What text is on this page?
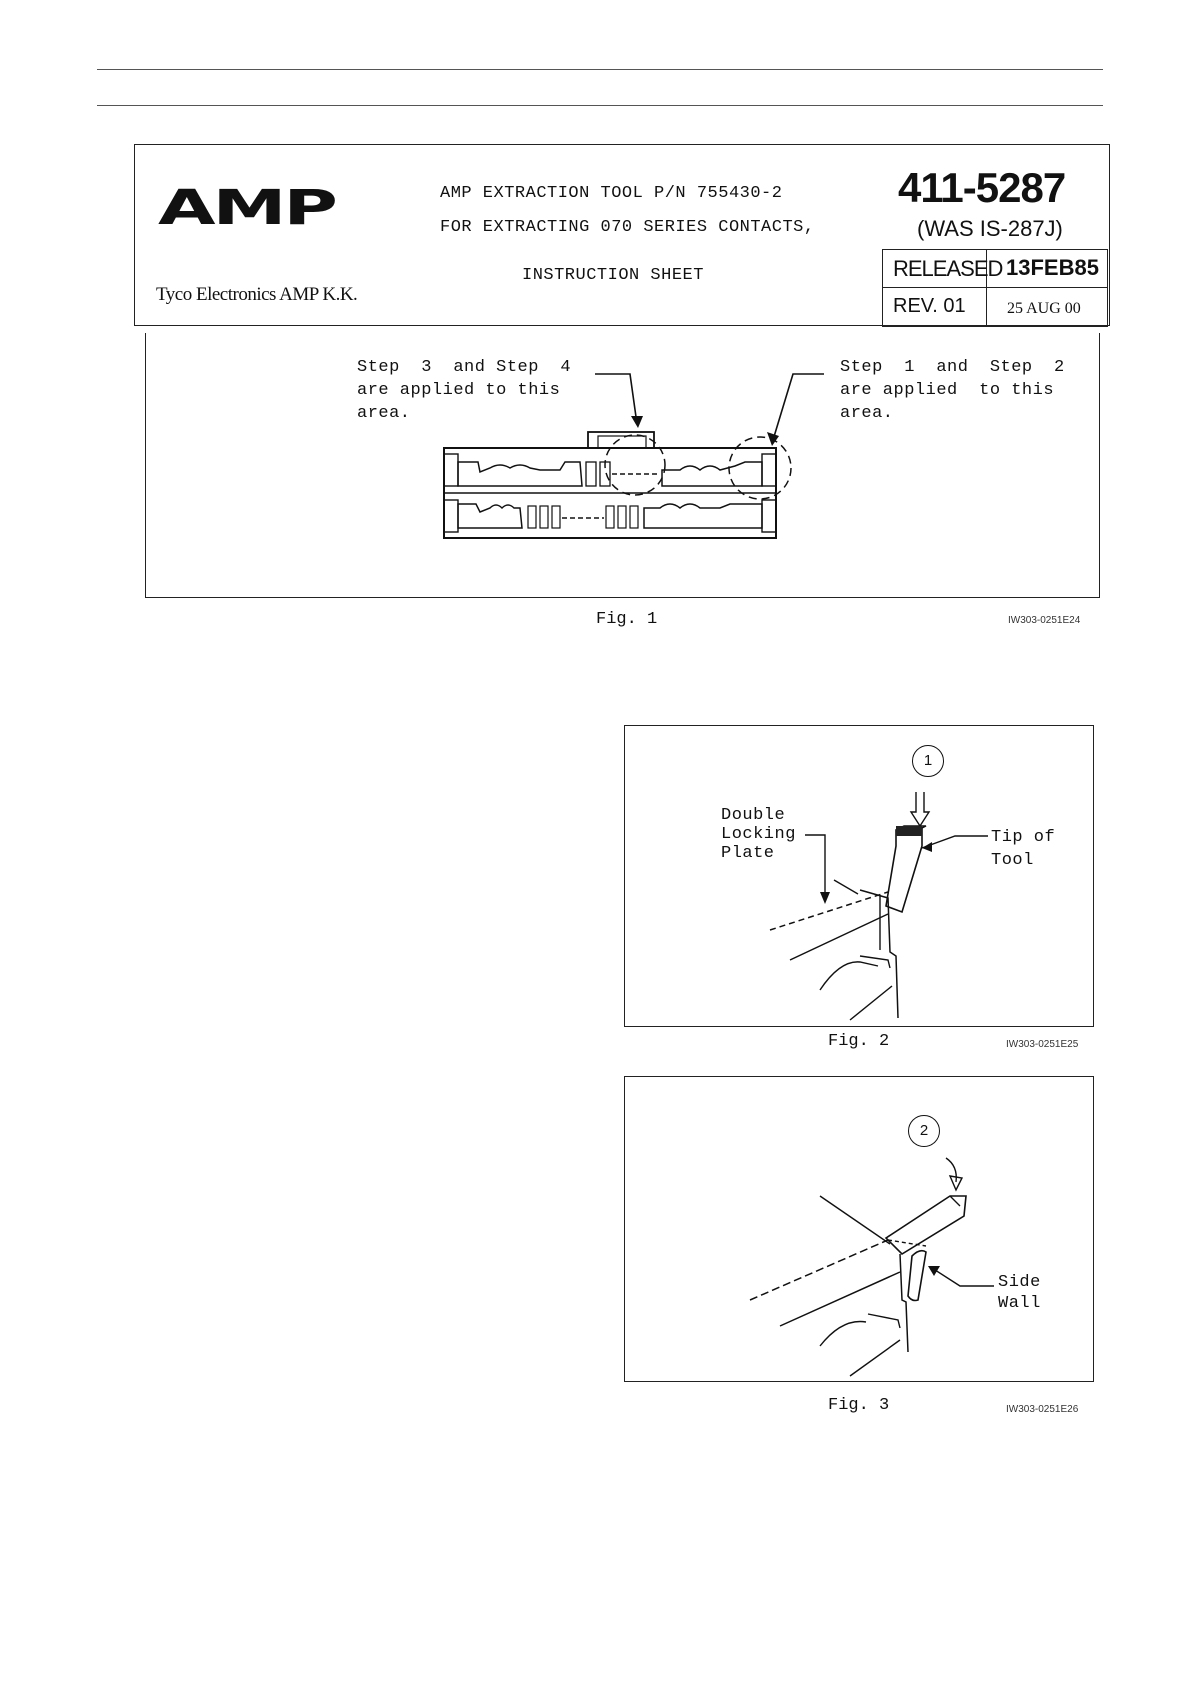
AMP
Tyco Electronics AMP K.K.
AMP EXTRACTION TOOL P/N 755430-2
FOR EXTRACTING 070 SERIES CONTACTS,
INSTRUCTION SHEET
411-5287
(WAS IS-287J)
RELEASED 13FEB85
REV. 01	25 AUG 00
Step  3  and Step  4
are applied to this
area.
Step  1  and  Step  2
are applied  to this
area.
Fig. 1	IW303-0251E24
1
Double
Locking
Plate
Tip of
Tool
Fig. 2	IW303-0251E25
2
Side
Wall
Fig. 3	IW303-0251E26
